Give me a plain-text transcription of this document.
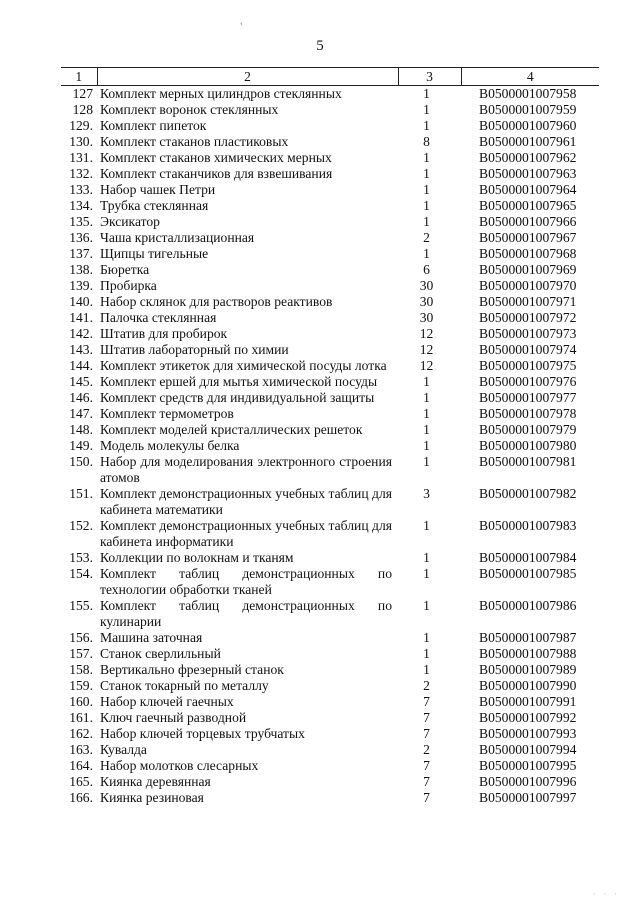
‹
5
1	2	3	4
127	Комплект мерных цилиндров стеклянных	1	B0500001007958
128	Комплект воронок стеклянных	1	B0500001007959
129.	Комплект пипеток	1	B0500001007960
130.	Комплект стаканов пластиковых	8	B0500001007961
131.	Комплект стаканов химических мерных	1	B0500001007962
132.	Комплект стаканчиков для взвешивания	1	B0500001007963
133.	Набор чашек Петри	1	B0500001007964
134.	Трубка стеклянная	1	B0500001007965
135.	Эксикатор	1	B0500001007966
136.	Чаша кристаллизационная	2	B0500001007967
137.	Щипцы тигельные	1	B0500001007968
138.	Бюретка	6	B0500001007969
139.	Пробирка	30	B0500001007970
140.	Набор склянок для растворов реактивов	30	B0500001007971
141.	Палочка стеклянная	30	B0500001007972
142.	Штатив для пробирок	12	B0500001007973
143.	Штатив лабораторный по химии	12	B0500001007974
144.	Комплект этикеток для химической посуды лотка	12	B0500001007975
145.	Комплект ершей для мытья химической посуды	1	B0500001007976
146.	Комплект средств для индивидуальной защиты	1	B0500001007977
147.	Комплект термометров	1	B0500001007978
148.	Комплект моделей кристаллических решеток	1	B0500001007979
149.	Модель молекулы белка	1	B0500001007980
150.	Набор для моделирования электронного строения атомов	1	B0500001007981
151.	Комплект демонстрационных учебных таблиц для кабинета математики	3	B0500001007982
152.	Комплект демонстрационных учебных таблиц для кабинета информатики	1	B0500001007983
153.	Коллекции по волокнам и тканям	1	B0500001007984
154.	Комплект таблиц демонстрационных по технологии обработки тканей	1	B0500001007985
155.	Комплект таблиц демонстрационных по кулинарии	1	B0500001007986
156.	Машина заточная	1	B0500001007987
157.	Станок сверлильный	1	B0500001007988
158.	Вертикально фрезерный станок	1	B0500001007989
159.	Станок токарный по металлу	2	B0500001007990
160.	Набор ключей гаечных	7	B0500001007991
161.	Ключ гаечный разводной	7	B0500001007992
162.	Набор ключей торцевых трубчатых	7	B0500001007993
163.	Кувалда	2	B0500001007994
164.	Набор молотков слесарных	7	B0500001007995
165.	Киянка деревянная	7	B0500001007996
166.	Киянка резиновая	7	B0500001007997
· · ·
